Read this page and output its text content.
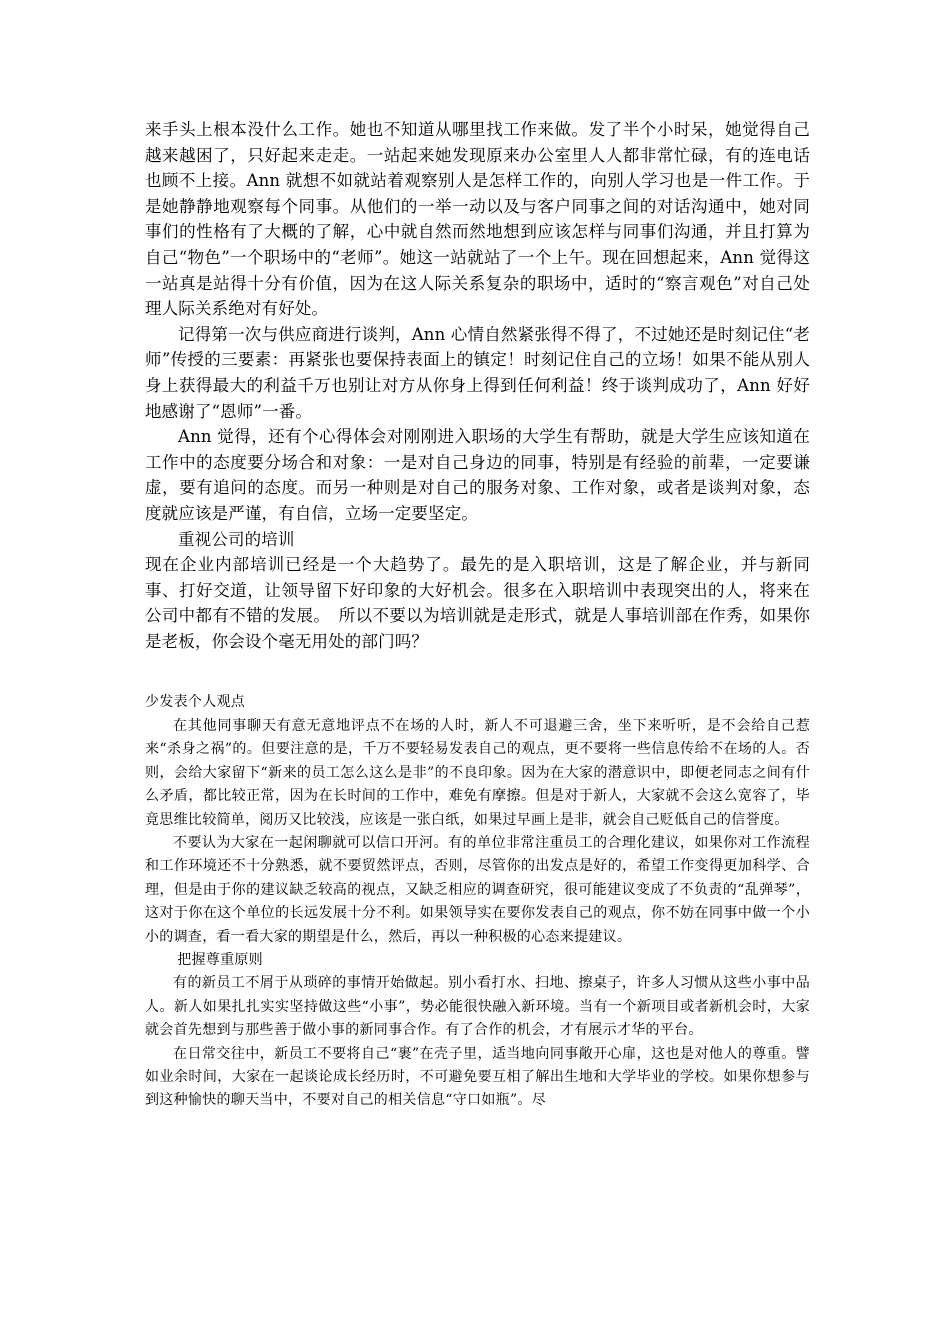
来手头上根本没什么工作。她也不知道从哪里找工作来做。发了半个小时呆，她觉得自己越来越困了，只好起来走走。一站起来她发现原来办公室里人人都非常忙碌，有的连电话也顾不上接。Ann 就想不如就站着观察别人是怎样工作的，向别人学习也是一件工作。于是她静静地观察每个同事。从他们的一举一动以及与客户同事之间的对话沟通中，她对同事们的性格有了大概的了解，心中就自然而然地想到应该怎样与同事们沟通，并且打算为自己“物色”一个职场中的“老师”。她这一站就站了一个上午。现在回想起来，Ann 觉得这一站真是站得十分有价值，因为在这人际关系复杂的职场中，适时的“察言观色”对自己处理人际关系绝对有好处。

记得第一次与供应商进行谈判，Ann 心情自然紧张得不得了，不过她还是时刻记住“老师”传授的三要素：再紧张也要保持表面上的镇定！时刻记住自己的立场！如果不能从别人身上获得最大的利益千万也别让对方从你身上得到任何利益！终于谈判成功了，Ann 好好地感谢了“恩师”一番。

Ann 觉得，还有个心得体会对刚刚进入职场的大学生有帮助，就是大学生应该知道在工作中的态度要分场合和对象：一是对自己身边的同事，特别是有经验的前辈，一定要谦虚，要有追问的态度。而另一种则是对自己的服务对象、工作对象，或者是谈判对象，态度就应该是严谨，有自信，立场一定要坚定。

重视公司的培训

现在企业内部培训已经是一个大趋势了。最先的是入职培训，这是了解企业，并与新同事、打好交道，让领导留下好印象的大好机会。很多在入职培训中表现突出的人，将来在公司中都有不错的发展。　所以不要以为培训就是走形式，就是人事培训部在作秀，如果你是老板，你会设个毫无用处的部门吗？

少发表个人观点

在其他同事聊天有意无意地评点不在场的人时，新人不可退避三舍，坐下来听听，是不会给自己惹来“杀身之祸”的。但要注意的是，千万不要轻易发表自己的观点，更不要将一些信息传给不在场的人。否则，会给大家留下“新来的员工怎么这么是非”的不良印象。因为在大家的潜意识中，即便老同志之间有什么矛盾，都比较正常，因为在长时间的工作中，难免有摩擦。但是对于新人，大家就不会这么宽容了，毕竟思维比较简单，阅历又比较浅，应该是一张白纸，如果过早画上是非，就会自己贬低自己的信誉度。

不要认为大家在一起闲聊就可以信口开河。有的单位非常注重员工的合理化建议，如果你对工作流程和工作环境还不十分熟悉，就不要贸然评点，否则，尽管你的出发点是好的，希望工作变得更加科学、合理，但是由于你的建议缺乏较高的视点，又缺乏相应的调查研究，很可能建议变成了不负责的“乱弹琴”，这对于你在这个单位的长远发展十分不利。如果领导实在要你发表自己的观点，你不妨在同事中做一个小小的调查，看一看大家的期望是什么，然后，再以一种积极的心态来提建议。

把握尊重原则

有的新员工不屑于从琐碎的事情开始做起。别小看打水、扫地、擦桌子，许多人习惯从这些小事中品人。新人如果扎扎实实坚持做这些“小事”，势必能很快融入新环境。当有一个新项目或者新机会时，大家就会首先想到与那些善于做小事的新同事合作。有了合作的机会，才有展示才华的平台。

在日常交往中，新员工不要将自己“裹”在壳子里，适当地向同事敞开心扉，这也是对他人的尊重。譬如业余时间，大家在一起谈论成长经历时，不可避免要互相了解出生地和大学毕业的学校。如果你想参与到这种愉快的聊天当中，不要对自己的相关信息“守口如瓶”。尽
